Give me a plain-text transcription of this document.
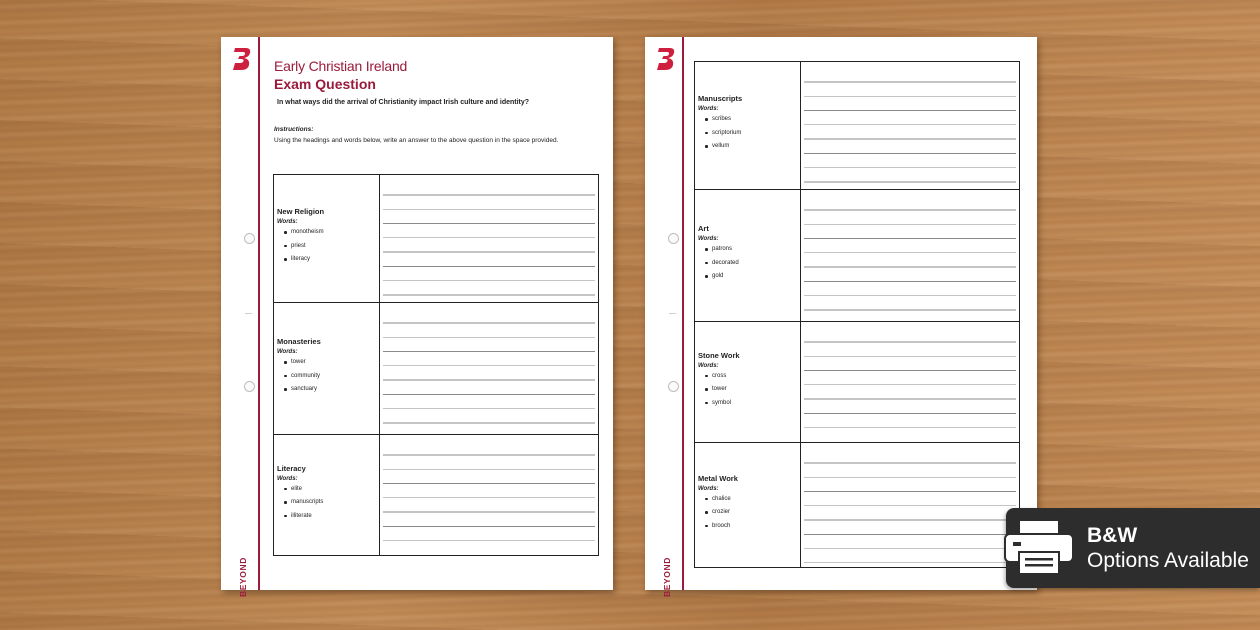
BEYOND
Early Christian Ireland
Exam Question
In what ways did the arrival of Christianity impact Irish culture and identity?
Instructions:
Using the headings and words below, write an answer to the above question in the space provided.
New Religion
Words:
monotheism
priest
literacy
Monasteries
Words:
tower
community
sanctuary
Literacy
Words:
elite
manuscripts
illiterate
BEYOND
Manuscripts
Words:
scribes
scriptorium
vellum
Art
Words:
patrons
decorated
gold
Stone Work
Words:
cross
tower
symbol
Metal Work
Words:
chalice
crozier
brooch	B&W
Options Available
